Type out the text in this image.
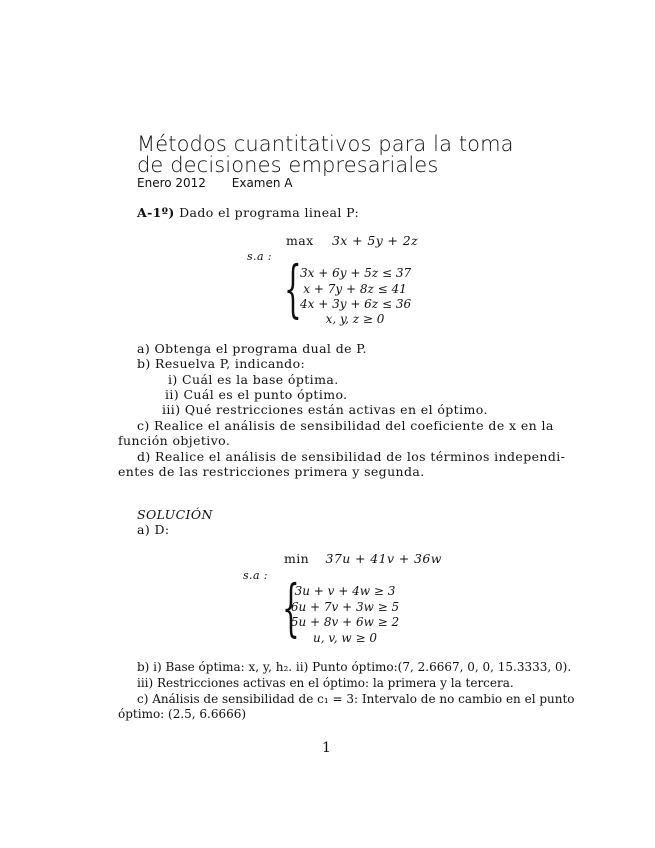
Métodos cuantitativos para la toma
de decisiones empresariales
Enero 2012 Examen A
A-1º) Dado el programa lineal P:
max 3x + 5y + 2z
s.a : {
3x + 6y + 5z ≤ 37
x + 7y + 8z ≤ 41
4x + 3y + 6z ≤ 36
x, y, z ≥ 0
a) Obtenga el programa dual de P.
b) Resuelva P, indicando:
i) Cuál es la base óptima.
ii) Cuál es el punto óptimo.
iii) Qué restricciones están activas en el óptimo.
c) Realice el análisis de sensibilidad del coeficiente de x en la
función objetivo.
d) Realice el análisis de sensibilidad de los términos independi-
entes de las restricciones primera y segunda.
SOLUCIÓN
a) D:
min 37u + 41v + 36w
s.a : {
3u + v + 4w ≥ 3
6u + 7v + 3w ≥ 5
5u + 8v + 6w ≥ 2
u, v, w ≥ 0
b) i) Base óptima: x, y, h₂. ii) Punto óptimo:(7, 2.6667, 0, 0, 15.3333, 0).
iii) Restricciones activas en el óptimo: la primera y la tercera.
c) Análisis de sensibilidad de c₁ = 3: Intervalo de no cambio en el punto
óptimo: (2.5, 6.6666)
1
